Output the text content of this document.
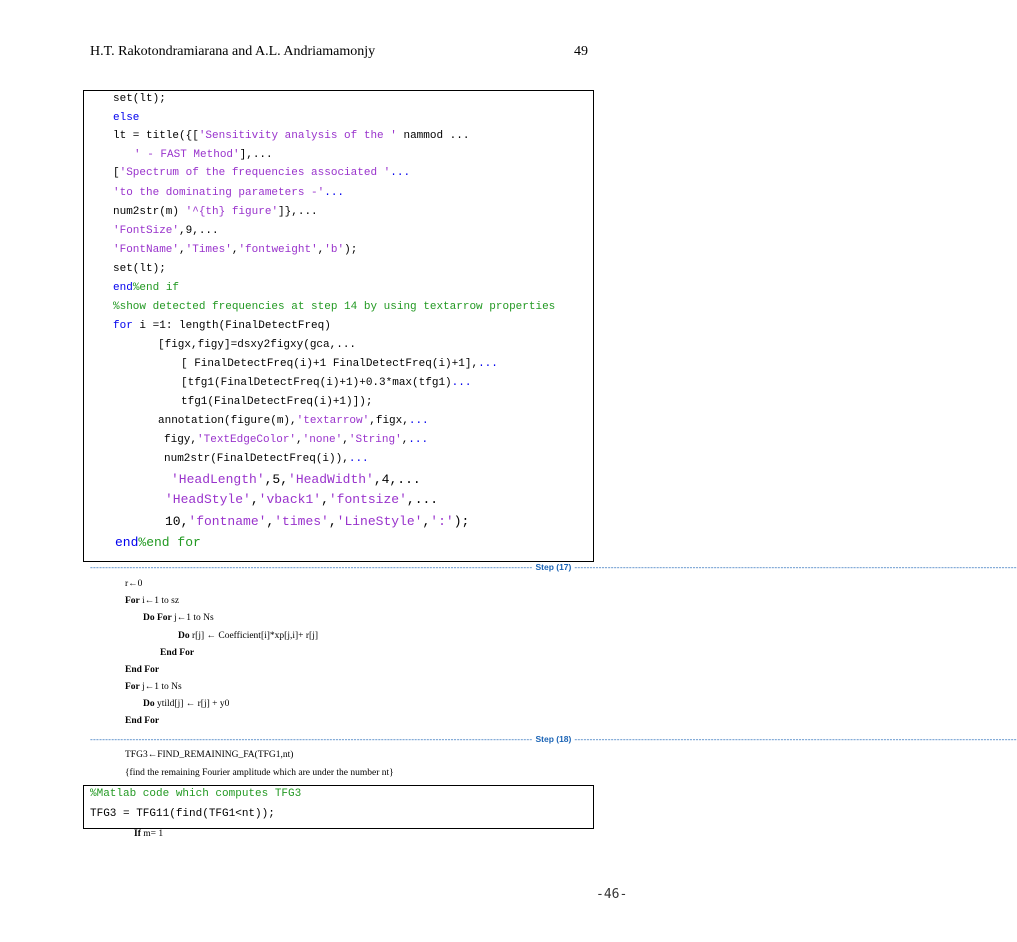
H.T. Rakotondramiarana and A.L. Andriamamonjy	49
set(lt);
else
lt = title({['Sensitivity analysis of the ' nammod ...
' - FAST Method'],...
['Spectrum of the frequencies associated '...
'to the dominating parameters -'...
num2str(m) '^{th} figure']},...
'FontSize',9,...
'FontName','Times','fontweight','b');
set(lt);
end%end if
%show detected frequencies at step 14 by using textarrow properties
for i =1: length(FinalDetectFreq)
[figx,figy]=dsxy2figxy(gca,...
[ FinalDetectFreq(i)+1 FinalDetectFreq(i)+1],...
[tfg1(FinalDetectFreq(i)+1)+0.3*max(tfg1)...
tfg1(FinalDetectFreq(i)+1)]);
annotation(figure(m),'textarrow',figx,...
figy,'TextEdgeColor','none','String',...
num2str(FinalDetectFreq(i)),...
'HeadLength',5,'HeadWidth',4,...
'HeadStyle','vback1','fontsize',...
10,'fontname','times','LineStyle',':');
end%end for
-------------------------------------------------------------------------------------------------------------------------------------------------- Step (17) --------------------------------------------------------------------------------------------------------------------------------------------------
r←0
For i←1 to sz
Do For j←1 to Ns
Do r[j] ← Coefficient[i]*xp[j,i]+ r[j]
End For
End For
For j←1 to Ns
Do ytild[j] ← r[j] + y0
End For
-------------------------------------------------------------------------------------------------------------------------------------------------- Step (18) --------------------------------------------------------------------------------------------------------------------------------------------------
TFG3←FIND_REMAINING_FA(TFG1,nt)
{find the remaining Fourier amplitude which are under the number nt}
%Matlab code which computes TFG3
TFG3 = TFG11(find(TFG1<nt));
If m= 1
-46-
